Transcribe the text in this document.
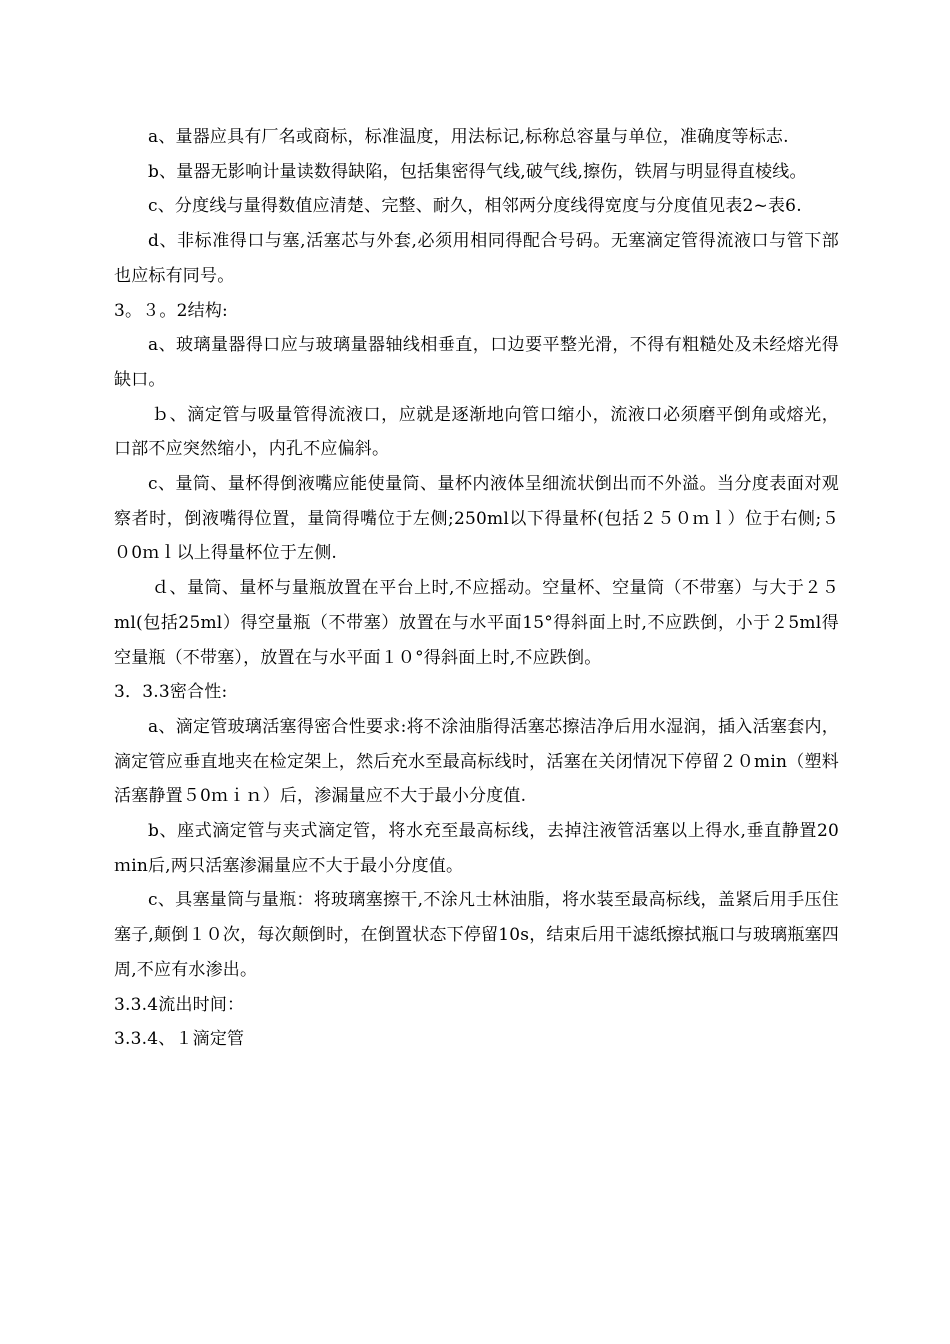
a、量器应具有厂名或商标，标准温度，用法标记,标称总容量与单位，准确度等标志.

b、量器无影响计量读数得缺陷，包括集密得气线,破气线,擦伤，铁屑与明显得直棱线。

c、分度线与量得数值应清楚、完整、耐久，相邻两分度线得宽度与分度值见表2~表6.

d、非标准得口与塞,活塞芯与外套,必须用相同得配合号码。无塞滴定管得流液口与管下部也应标有同号。

3。３。2结构:

a、玻璃量器得口应与玻璃量器轴线相垂直，口边要平整光滑，不得有粗糙处及未经熔光得缺口。

ｂ、滴定管与吸量管得流液口，应就是逐渐地向管口缩小，流液口必须磨平倒角或熔光，口部不应突然缩小，内孔不应偏斜。

c、量筒、量杯得倒液嘴应能使量筒、量杯内液体呈细流状倒出而不外溢。当分度表面对观察者时，倒液嘴得位置，量筒得嘴位于左侧;250ml以下得量杯(包括２５０ｍｌ）位于右侧;５０0ｍｌ以上得量杯位于左侧.

ｄ、量筒、量杯与量瓶放置在平台上时,不应摇动。空量杯、空量筒（不带塞）与大于２５ml(包括25ml）得空量瓶（不带塞）放置在与水平面15°得斜面上时,不应跌倒，小于２5ml得空量瓶（不带塞），放置在与水平面１０°得斜面上时,不应跌倒。

3．3.3密合性:

a、滴定管玻璃活塞得密合性要求:将不涂油脂得活塞芯擦洁净后用水湿润，插入活塞套内，滴定管应垂直地夹在检定架上，然后充水至最高标线时，活塞在关闭情况下停留２０min（塑料活塞静置５0ｍｉｎ）后，渗漏量应不大于最小分度值.

b、座式滴定管与夹式滴定管，将水充至最高标线，去掉注液管活塞以上得水,垂直静置20ｍin后,两只活塞渗漏量应不大于最小分度值。

c、具塞量筒与量瓶：将玻璃塞擦干,不涂凡士林油脂，将水装至最高标线，盖紧后用手压住塞子,颠倒１０次，每次颠倒时，在倒置状态下停留10s，结束后用干滤纸擦拭瓶口与玻璃瓶塞四周,不应有水渗出。

3.3.4流出时间：

3.3.4、１滴定管
